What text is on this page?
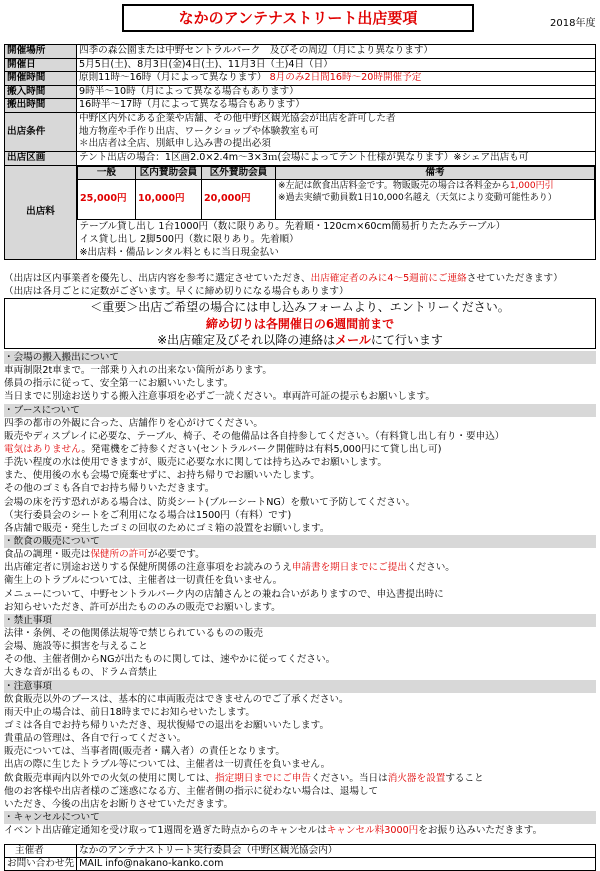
なかのアンテナストリート出店要項	2018年度
開催場所	四季の森公園または中野セントラルパーク　及びその周辺（月により異なります）
開催日	5月5日(土)、8月3日(金)4日(土)、11月3日（土)4日（日）
開催時間	原則11時～16時（月によって異なります） 8月のみ2日間16時～20時開催予定
搬入時間	9時半～10時（月によって異なる場合もあります）
搬出時間	16時半～17時（月によって異なる場合もあります）
出店条件	
中野区内外にある企業や店舗、その他中野区観光協会が出店を許可した者
地方物産や手作り出店、ワークショップや体験教室も可
＊出店者は全店、別紙申し込み書の提出必須

出店区画	テント出店の場合：1区画2.0×2.4m～3×3ｍ(会場によってテント仕様が異なります）※シェア出店も可
出店料	
一般	区内賛助会員	区外賛助会員	備考
25,000円	10,000円	20,000円	※左記は飲食出店料金です。物販販売の場合は各料金から1,000円引
※過去実績で動員数1日10,000名越え（天気により変動可能性あり）

テーブル貸し出し 1台1000円（数に限りあり。先着順・120cm×60cm簡易折りたたみテーブル）
イス貸し出し 2脚500円（数に限りあり。先着順）
※出店料・備品レンタル料ともに当日現金払い
（出店は区内事業者を優先し、出店内容を参考に選定させていただき、出店確定者のみに4～5週前にご連絡させていただきます）
（出店は各月ごとに定数がございます。早くに締め切りになる場合もあります）
＜重要＞出店ご希望の場合には申し込みフォームより、エントリーください。
締め切りは各開催日の6週間前まで
※出店確定及びそれ以降の連絡はメールにて行います
・会場の搬入搬出について
車両制限2t車まで。一部乗り入れの出来ない箇所があります。
係員の指示に従って、安全第一にお願いいたします。
当日までに別途お送りする搬入注意事項を必ずご一読ください。車両許可証の提示もお願いします。
・ブースについて
四季の都市の外観に合った、店舗作りを心がけてください。
販売やディスプレイに必要な、テーブル、椅子、その他備品は各自持参してください。（有料貸し出し有り・要申込）
電気はありません。発電機をご持参ください(セントラルパーク開催時は有料5,000円にて貸し出し可)
手洗い程度の水は使用できますが、販売に必要な水に関しては持ち込みでお願いします。
また、使用後の水も会場で廃棄せずに、お持ち帰りでお願いいたします。
その他のゴミも各自でお持ち帰りいただきます。
会場の床を汚す恐れがある場合は、防炎シート(ブルーシートNG）を敷いて予防してください。
（実行委員会のシートをご利用になる場合は1500円（有料）です)
各店舗で販売・発生したゴミの回収のためにゴミ箱の設置をお願いします。
・飲食の販売について
食品の調理・販売は保健所の許可が必要です。
出店確定者に別途お送りする保健所関係の注意事項をお読みのうえ申請書を期日までにご提出ください。
衛生上のトラブルについては、主催者は一切責任を負いません。
メニューについて、中野セントラルパーク内の店舗さんとの兼ね合いがありますので、申込書提出時に
お知らせいただき、許可が出たもののみの販売でお願いします。
・禁止事項
法律・条例、その他関係法規等で禁じられているものの販売
会場、施設等に損害を与えること
その他、主催者側からNGが出たものに関しては、速やかに従ってください。
大きな音が出るもの、ドラム音禁止
・注意事項
飲食販売以外のブースは、基本的に車両販売はできませんのでご了承ください。
雨天中止の場合は、前日18時までにお知らせいたします。
ゴミは各自でお持ち帰りいただき、現状復帰での退出をお願いいたします。
貴重品の管理は、各自で行ってください。
販売については、当事者間(販売者・購入者）の責任となります。
出店の際に生じたトラブル等については、主催者は一切責任を負いません。
飲食販売車両内以外での火気の使用に関しては、指定期日までにご申告ください。当日は消火器を設置すること
他のお客様や出店者様のご迷惑になる方、主催者側の指示に従わない場合は、退場して
いただき、今後の出店をお断りさせていただきます。
・キャンセルについて
イベント出店確定通知を受け取って1週間を過ぎた時点からのキャンセルはキャンセル料3000円をお振り込みいただきます。
主催者	なかのアンテナストリート実行委員会（中野区観光協会内）
お問い合わせ先	MAIL info@nakano-kanko.com
